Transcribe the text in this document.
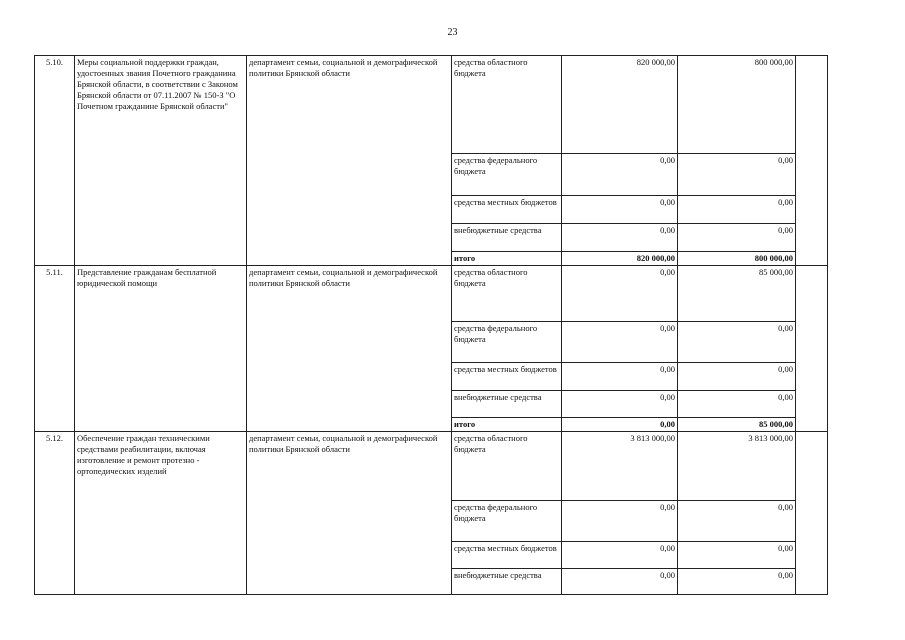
23
5.10.	Меры социальной поддержки граждан, удостоенных звания Почетного гражданина Брянской области, в соответствии с Законом Брянской области от 07.11.2007 № 150-З "О Почетном гражданине Брянской области"	департамент семьи, социальной и демографической политики Брянской области	средства областного бюджета	820 000,00	800 000,00	
			средства федерального бюджета	0,00	0,00	
			средства местных бюджетов	0,00	0,00	
			внебюджетные средства	0,00	0,00	
			итого	820 000,00	800 000,00	
5.11.	Представление гражданам бесплатной юридической помощи	департамент семьи, социальной и демографической политики Брянской области	средства областного бюджета	0,00	85 000,00	
			средства федерального бюджета	0,00	0,00	
			средства местных бюджетов	0,00	0,00	
			внебюджетные средства	0,00	0,00	
			итого	0,00	85 000,00	
5.12.	Обеспечение граждан техническими средствами реабилитации, включая изготовление и ремонт протезно - ортопедических изделий	департамент семьи, социальной и демографической политики Брянской области	средства областного бюджета	3 813 000,00	3 813 000,00	
			средства федерального бюджета	0,00	0,00	
			средства местных бюджетов	0,00	0,00	
			внебюджетные средства	0,00	0,00	
